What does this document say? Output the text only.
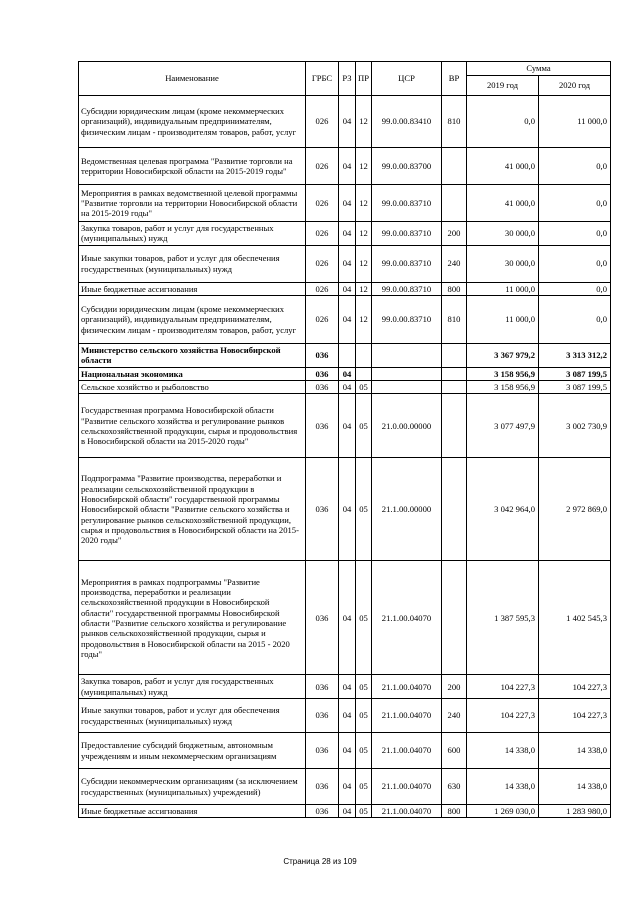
Наименование	ГРБС	РЗ	ПР	ЦСР	ВР	Сумма	
						2019 год	2020 год
Субсидии юридическим лицам (кроме некоммерческих организаций), индивидуальным предпринимателям, физическим лицам - производителям товаров, работ, услуг	026	04	12	99.0.00.83410	810	0,0	11 000,0
Ведомственная целевая программа "Развитие торговли на территории Новосибирской области на 2015-2019 годы"	026	04	12	99.0.00.83700		41 000,0	0,0
Мероприятия в рамках ведомственной целевой программы "Развитие торговли на территории Новосибирской области на 2015-2019 годы"	026	04	12	99.0.00.83710		41 000,0	0,0
Закупка товаров, работ и услуг для государственных (муниципальных) нужд	026	04	12	99.0.00.83710	200	30 000,0	0,0
Иные закупки товаров, работ и услуг для обеспечения государственных (муниципальных) нужд	026	04	12	99.0.00.83710	240	30 000,0	0,0
Иные бюджетные ассигнования	026	04	12	99.0.00.83710	800	11 000,0	0,0
Субсидии юридическим лицам (кроме некоммерческих организаций), индивидуальным предпринимателям, физическим лицам - производителям товаров, работ, услуг	026	04	12	99.0.00.83710	810	11 000,0	0,0
Министерство сельского хозяйства Новосибирской области	036					3 367 979,2	3 313 312,2
Национальная экономика	036	04				3 158 956,9	3 087 199,5
Сельское хозяйство и рыболовство	036	04	05			3 158 956,9	3 087 199,5
Государственная программа Новосибирской области "Развитие сельского хозяйства и регулирование рынков сельскохозяйственной продукции, сырья и продовольствия в Новосибирской области на 2015-2020 годы"	036	04	05	21.0.00.00000		3 077 497,9	3 002 730,9
Подпрограмма "Развитие производства, переработки и реализации сельскохозяйственной продукции в Новосибирской области" государственной программы Новосибирской области "Развитие сельского хозяйства и регулирование рынков сельскохозяйственной продукции, сырья и продовольствия в Новосибирской области на 2015-2020 годы"	036	04	05	21.1.00.00000		3 042 964,0	2 972 869,0
Мероприятия в рамках подпрограммы "Развитие производства, переработки и реализации сельскохозяйственной продукции в Новосибирской области" государственной программы Новосибирской области "Развитие сельского хозяйства и регулирование рынков сельскохозяйственной продукции, сырья и продовольствия в Новосибирской области на 2015 - 2020 годы"	036	04	05	21.1.00.04070		1 387 595,3	1 402 545,3
Закупка товаров, работ и услуг для государственных (муниципальных) нужд	036	04	05	21.1.00.04070	200	104 227,3	104 227,3
Иные закупки товаров, работ и услуг для обеспечения государственных (муниципальных) нужд	036	04	05	21.1.00.04070	240	104 227,3	104 227,3
Предоставление субсидий бюджетным, автономным учреждениям и иным некоммерческим организациям	036	04	05	21.1.00.04070	600	14 338,0	14 338,0
Субсидии некоммерческим организациям (за исключением государственных (муниципальных) учреждений)	036	04	05	21.1.00.04070	630	14 338,0	14 338,0
Иные бюджетные ассигнования	036	04	05	21.1.00.04070	800	1 269 030,0	1 283 980,0
Страница 28 из 109
